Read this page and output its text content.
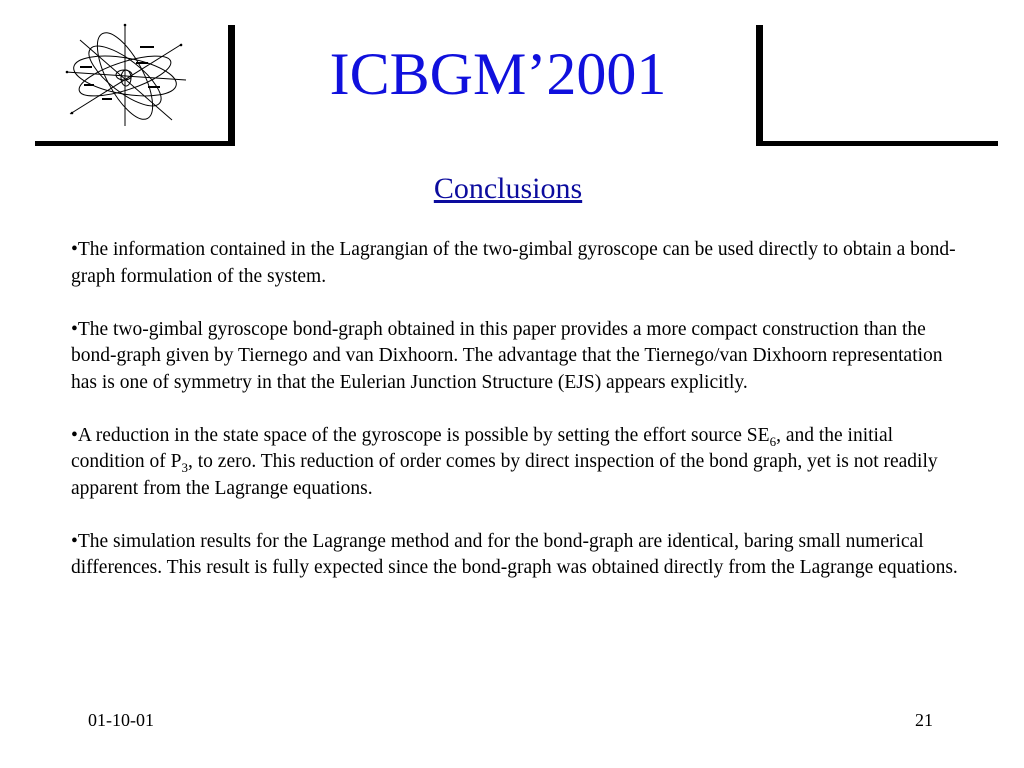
ICBGM’2001
Conclusions
•The information contained in the Lagrangian of the two-gimbal gyroscope can be used directly to obtain a bond-graph formulation of the system.
•The two-gimbal gyroscope bond-graph obtained in this paper provides a more compact construction than the bond-graph given by Tiernego and van Dixhoorn. The advantage that the Tiernego/van Dixhoorn representation has is one of symmetry in that the Eulerian Junction Structure (EJS) appears explicitly.
•A reduction in the state space of the gyroscope is possible by setting the effort source $SE_6$, and the initial condition of $P_3$, to zero. This reduction of order comes by direct inspection of the bond graph, yet is not readily apparent from the Lagrange equations.
•The simulation results for the Lagrange method and for the bond-graph are identical, baring small numerical differences. This result is fully expected since the bond-graph was obtained directly from the Lagrange equations.
01-10-01	21
